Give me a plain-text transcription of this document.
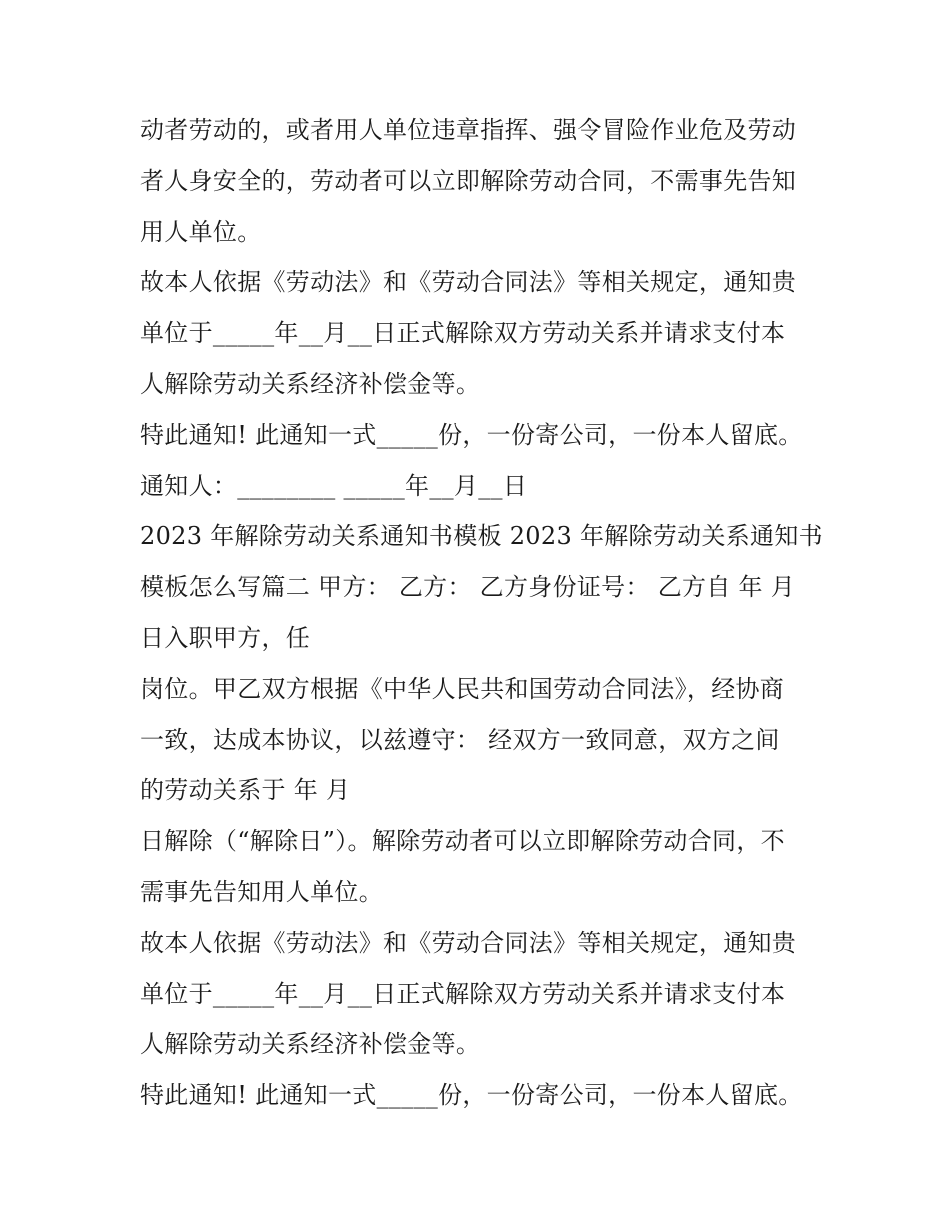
动者劳动的，或者用人单位违章指挥、强令冒险作业危及劳动
者人身安全的，劳动者可以立即解除劳动合同，不需事先告知
用人单位。
故本人依据《劳动法》和《劳动合同法》等相关规定，通知贵
单位于_____年__月__日正式解除双方劳动关系并请求支付本
人解除劳动关系经济补偿金等。
特此通知! 此通知一式_____份，一份寄公司，一份本人留底。
通知人：________ _____年__月__日
2023 年解除劳动关系通知书模板 2023 年解除劳动关系通知书
模板怎么写篇二 甲方： 乙方： 乙方身份证号： 乙方自 年 月
日入职甲方，任
岗位。甲乙双方根据《中华人民共和国劳动合同法》，经协商
一致，达成本协议，以兹遵守： 经双方一致同意，双方之间
的劳动关系于 年 月
日解除（“解除日”）。解除劳动者可以立即解除劳动合同，不
需事先告知用人单位。
故本人依据《劳动法》和《劳动合同法》等相关规定，通知贵
单位于_____年__月__日正式解除双方劳动关系并请求支付本
人解除劳动关系经济补偿金等。
特此通知! 此通知一式_____份，一份寄公司，一份本人留底。
